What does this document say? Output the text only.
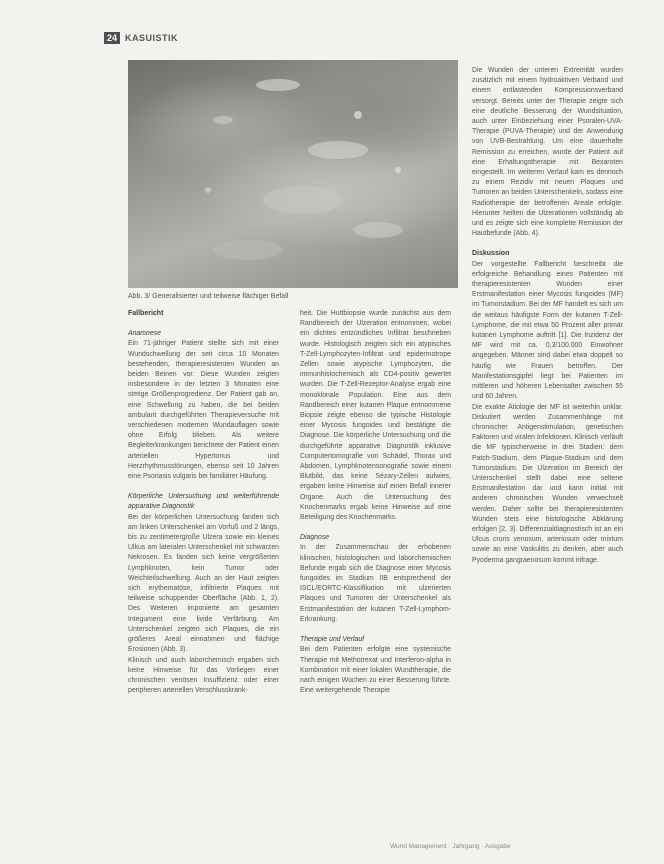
24 KASUISTIK
Abb. 3/ Generalisierter und teilweise flächiger Befall
Fallbericht
Anamnese

Ein 71-jähriger Patient stellte sich mit einer Wundschwellung der seit circa 10 Monaten bestehenden, therapieresistenten Wunden an beiden Beinen vor. Diese Wunden zeigten insbesondere in der letzten 3 Monaten eine stetige Größenprogredienz. Der Patient gab an, eine Schwellung zu haben, die bei beiden ambulant durchgeführten Therapieversuche mit verschiedenen modernen Wundauflagen sowie ohne Erfolg blieben. Als weitere Begleiterkrankungen berichtete der Patient einen arteriellen Hypertonus und Herzrhythmusstörungen, ebenso seit 10 Jahren eine Psoriasis vulgaris bei familiärer Häufung.

Körperliche Untersuchung und weiterführende apparative Diagnostik

Bei der körperlichen Untersuchung fanden sich am linken Unterschenkel am Vorfuß und 2 längs, bis zu zentimetergroße Ulzera sowie ein kleines Ulkus am lateralen Unterschenkel mit schwarzen Nekrosen. Es fanden sich keine vergrößerten Lymphknoten, kein Tumor oder Weichteilschwellung. Auch an der Haut zeigten sich erythematöse, infiltrierte Plaques mit teilweise schuppender Oberfläche (Abb. 1, 2). Des Weiteren imponierte am gesamten Integument eine livide Verfärbung. Am Unterschenkel zeigten sich Plaques, die ein größeres Areal einnahmen und flächige Erosionen (Abb. 3).

Klinisch und auch laborchemisch ergaben sich keine Hinweise für das Vorliegen einer chronischen venösen Insuffizienz oder einer peripheren arteriellen Verschlusskrank-

heit. Die Huttbiopsie wurde zunächst aus dem Randbereich der Ulzeration entnommen, wobei ein dichtes entzündliches Infiltrat beschrieben wurde. Histologisch zeigten sich ein atypisches T-Zell-Lymphozyten-Infiltrat und epidermotrope Zellen sowie atypische Lymphozyten, die immunhistochemisch als CD4-positiv gewertet wurden. Die T-Zell-Rezeptor-Analyse ergab eine monoklonale Population. Eine aus dem Randbereich einer kutanen Plaque entnommene Biopsie zeigte ebenso die typische Histologie einer Mycosis fungoides und bestätigte die Diagnose. Die körperliche Untersuchung und die durchgeführte apparative Diagnostik inklusive Computertomografie von Schädel, Thorax und Abdomen, Lymphknotensonografie sowie einem Blutbild, das keine Sézary-Zellen aufwies, ergaben keine Hinweise auf einen Befall innerer Organe. Auch die Untersuchung des Knochenmarks ergab keine Hinweise auf eine Beteiligung des Knochenmarks.

Diagnose

In der Zusammenschau der erhobenen klinischen, histologischen und laborchemischen Befunde ergab sich die Diagnose einer Mycosis fungoides im Stadium IIB entsprechend der ISCL/EORTC-Klassifikation mit ulzerierten Plaques und Tumoren der Unterschenkel als Erstmanifestation der kutanen T-Zell-Lymphom-Erkrankung.

Therapie und Verlauf

Bei dem Patienten erfolgte eine systemische Therapie mit Methotrexat und Interferon-alpha in Kombination mit einer lokalen Wundtherapie, die nach einigen Wochen zu einer Besserung führte. Eine weitergehende Therapie

Die Wunden der unteren Extremität wurden zusätzlich mit einem hydroaktiven Verband und einem entlastenden Kompressionsverband versorgt. Bereits unter der Therapie zeigte sich eine deutliche Besserung der Wundsituation, auch unter Einbeziehung einer Psoralen-UVA-Therapie (PUVA-Therapie) und der Anwendung von UVB-Bestrahlung. Um eine dauerhafte Remission zu erreichen, wurde der Patient auf eine Erhaltungstherapie mit Bexaroten eingestellt. Im weiteren Verlauf kam es dennoch zu einem Rezidiv mit neuen Plaques und Tumoren an beiden Unterschenkeln, sodass eine Radiotherapie der betroffenen Areale erfolgte. Hierunter heilten die Ulzerationen vollständig ab und es zeigte sich eine komplette Remission der Hautbefunde (Abb. 4).

Diskussion

Der vorgestellte Fallbericht beschreibt die erfolgreiche Behandlung eines Patienten mit therapieresistenten Wunden einer Erstmanifestation einer Mycosis fungoides (MF) im Tumorstadium. Bei der MF handelt es sich um die weitaus häufigste Form der kutanen T-Zell-Lymphome, die mit etwa 50 Prozent aller primär kutanen Lymphome auftritt [1]. Die Inzidenz der MF wird mit ca. 0,3/100.000 Einwohner angegeben. Männer sind dabei etwa doppelt so häufig wie Frauen betroffen. Der Manifestationsgipfel liegt bei Patienten im mittleren und höheren Lebensalter zwischen 55 und 60 Jahren.

Die exakte Ätiologie der MF ist weiterhin unklar. Diskutiert werden Zusammenhänge mit chronischer Antigenstimulation, genetischen Faktoren und viralen Infektionen. Klinisch verläuft die MF typischerweise in drei Stadien: dem Patch-Stadium, dem Plaque-Stadium und dem Tumorstadium. Die Ulzeration im Bereich der Unterschenkel stellt dabei eine seltene Erstmanifestation dar und kann initial mit anderen chronischen Wunden verwechselt werden. Daher sollte bei therapieresistenten Wunden stets eine histologische Abklärung erfolgen [2, 3]. Differenzialdiagnostisch ist an ein Ulcus cruris venosum, arteriosum oder mixtum sowie an eine Vaskulitis zu denken, aber auch Pyoderma gangraenosum kommt infrage.

Wund Management · Jahrgang · Ausgabe
